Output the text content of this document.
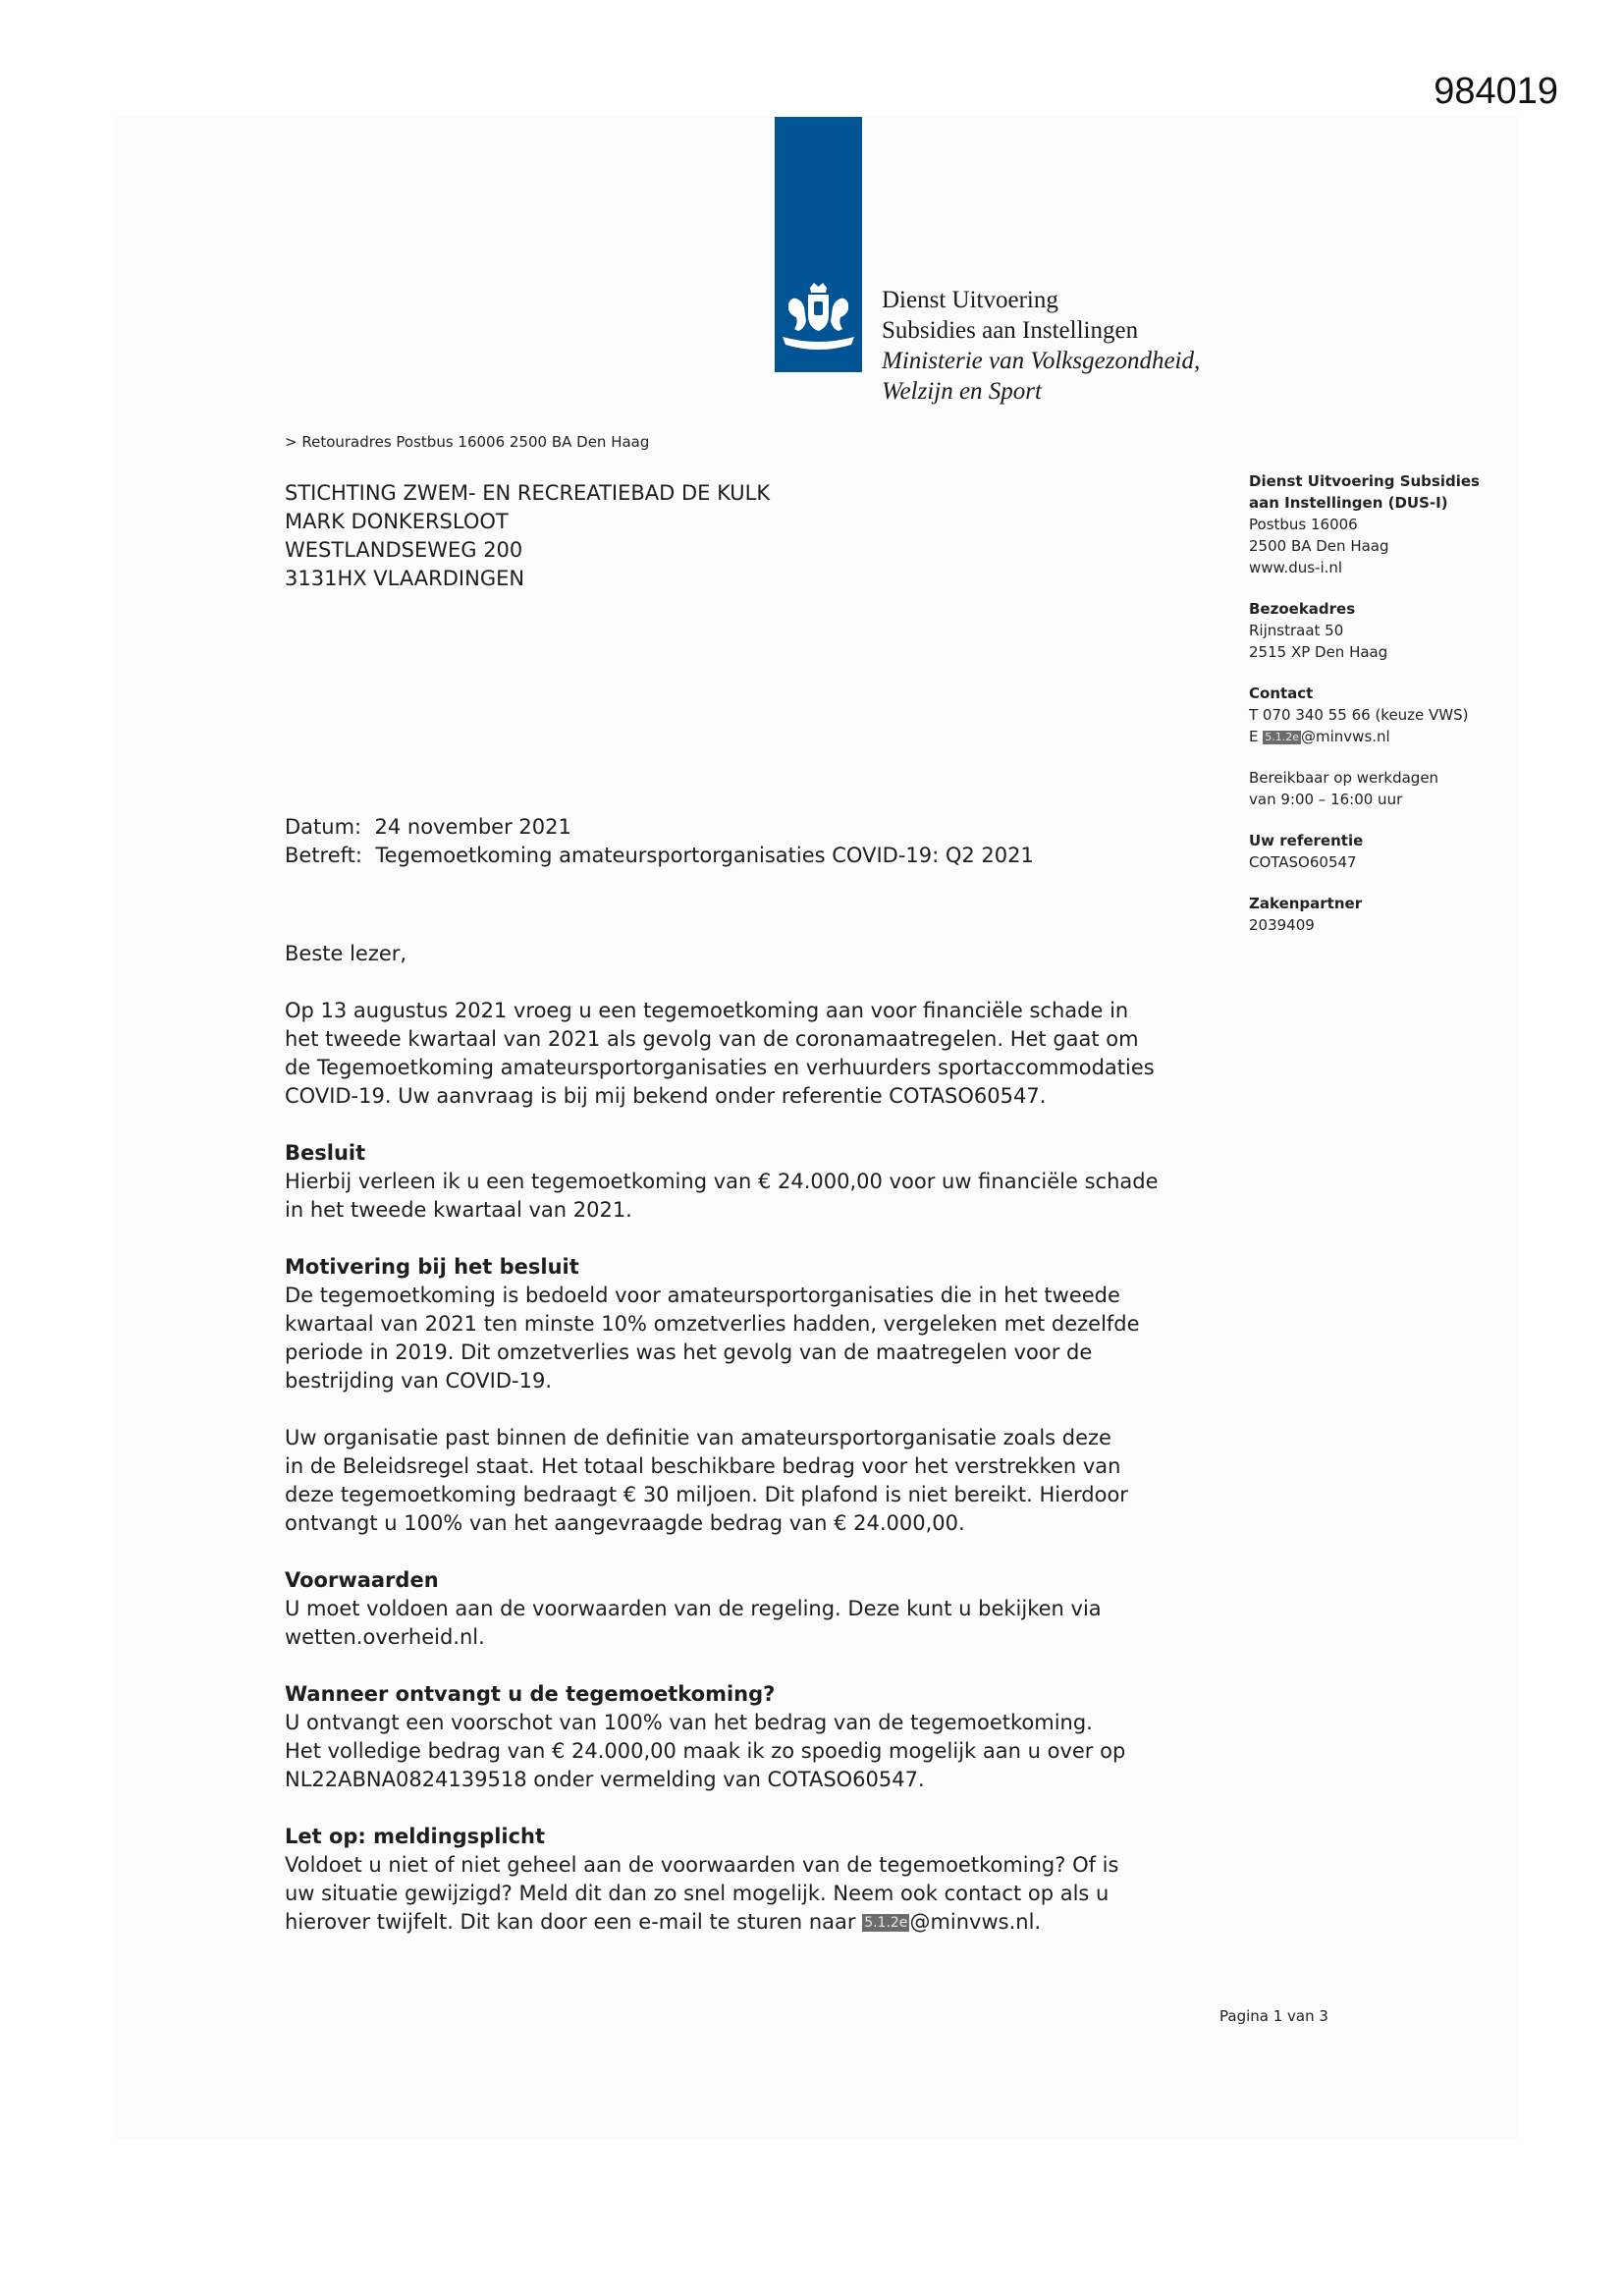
984019
Dienst Uitvoering
Subsidies aan Instellingen
Ministerie van Volksgezondheid,
Welzijn en Sport
> Retouradres Postbus 16006 2500 BA Den Haag
STICHTING ZWEM- EN RECREATIEBAD DE KULK
MARK DONKERSLOOT
WESTLANDSEWEG 200
3131HX VLAARDINGEN
Dienst Uitvoering Subsidies
aan Instellingen (DUS-I)
Postbus 16006
2500 BA Den Haag
www.dus-i.nl
Bezoekadres
Rijnstraat 50
2515 XP Den Haag
Contact
T 070 340 55 66 (keuze VWS)
E 5.1.2e @minvws.nl
Bereikbaar op werkdagen
van 9:00 – 16:00 uur
Uw referentie
COTASO60547
Zakenpartner
2039409
Datum: 24 november 2021
Betreft: Tegemoetkoming amateursportorganisaties COVID-19: Q2 2021

Beste lezer,

Op 13 augustus 2021 vroeg u een tegemoetkoming aan voor financiële schade in
het tweede kwartaal van 2021 als gevolg van de coronamaatregelen. Het gaat om
de Tegemoetkoming amateursportorganisaties en verhuurders sportaccommodaties
COVID-19. Uw aanvraag is bij mij bekend onder referentie COTASO60547.

Besluit

Hierbij verleen ik u een tegemoetkoming van € 24.000,00 voor uw financiële schade
in het tweede kwartaal van 2021.

Motivering bij het besluit

De tegemoetkoming is bedoeld voor amateursportorganisaties die in het tweede
kwartaal van 2021 ten minste 10% omzetverlies hadden, vergeleken met dezelfde
periode in 2019. Dit omzetverlies was het gevolg van de maatregelen voor de
bestrijding van COVID-19.

Uw organisatie past binnen de definitie van amateursportorganisatie zoals deze
in de Beleidsregel staat. Het totaal beschikbare bedrag voor het verstrekken van
deze tegemoetkoming bedraagt € 30 miljoen. Dit plafond is niet bereikt. Hierdoor
ontvangt u 100% van het aangevraagde bedrag van € 24.000,00.

Voorwaarden

U moet voldoen aan de voorwaarden van de regeling. Deze kunt u bekijken via
wetten.overheid.nl.

Wanneer ontvangt u de tegemoetkoming?

U ontvangt een voorschot van 100% van het bedrag van de tegemoetkoming.
Het volledige bedrag van € 24.000,00 maak ik zo spoedig mogelijk aan u over op
NL22ABNA0824139518 onder vermelding van COTASO60547.

Let op: meldingsplicht

Voldoet u niet of niet geheel aan de voorwaarden van de tegemoetkoming? Of is
uw situatie gewijzigd? Meld dit dan zo snel mogelijk. Neem ook contact op als u
hierover twijfelt. Dit kan door een e-mail te sturen naar 5.1.2e@minvws.nl.

Pagina 1 van 3
